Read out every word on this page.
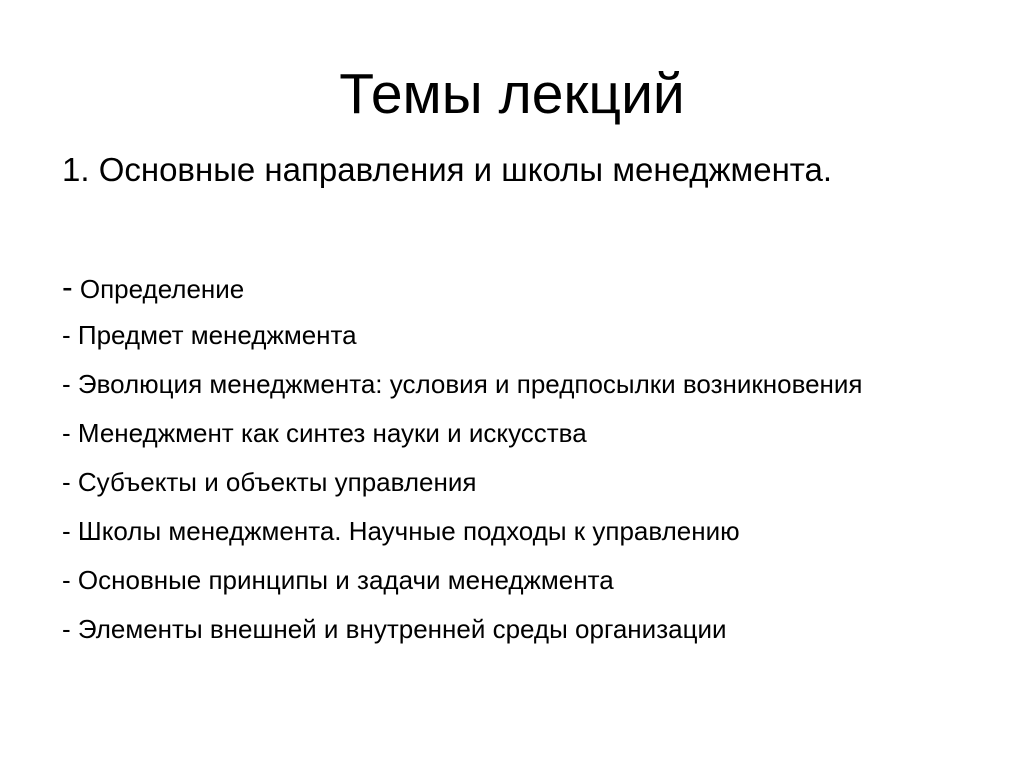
Темы лекций

1. Основные направления и школы менеджмента.

- Определение
- Предмет менеджмента
- Эволюция менеджмента: условия и предпосылки возникновения
- Менеджмент как синтез науки и искусства
- Субъекты и объекты управления
- Школы менеджмента. Научные подходы к управлению
- Основные принципы и задачи менеджмента
- Элементы внешней и внутренней среды организации
